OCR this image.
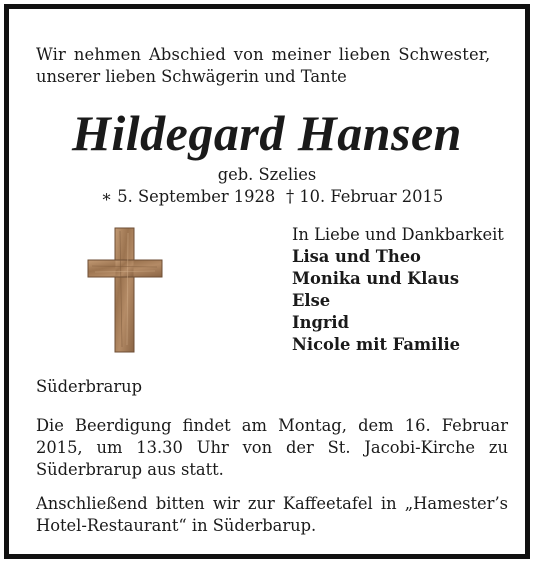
Wir nehmen Abschied von meiner lieben Schwester,
unserer lieben Schwägerin und Tante
Hildegard Hansen
geb. Szelies
∗ 5. September 1928 † 10. Februar 2015
In Liebe und Dankbarkeit
Lisa und Theo
Monika und Klaus
Else
Ingrid
Nicole mit Familie
Süderbrarup
Die Beerdigung findet am Montag, dem 16. Februar 2015, um 13.30 Uhr von der St. Jacobi-Kirche zu Süderbrarup aus statt.
Anschließend bitten wir zur Kaffeetafel in „Hamester’s Hotel-Restaurant“ in Süderbarup.
